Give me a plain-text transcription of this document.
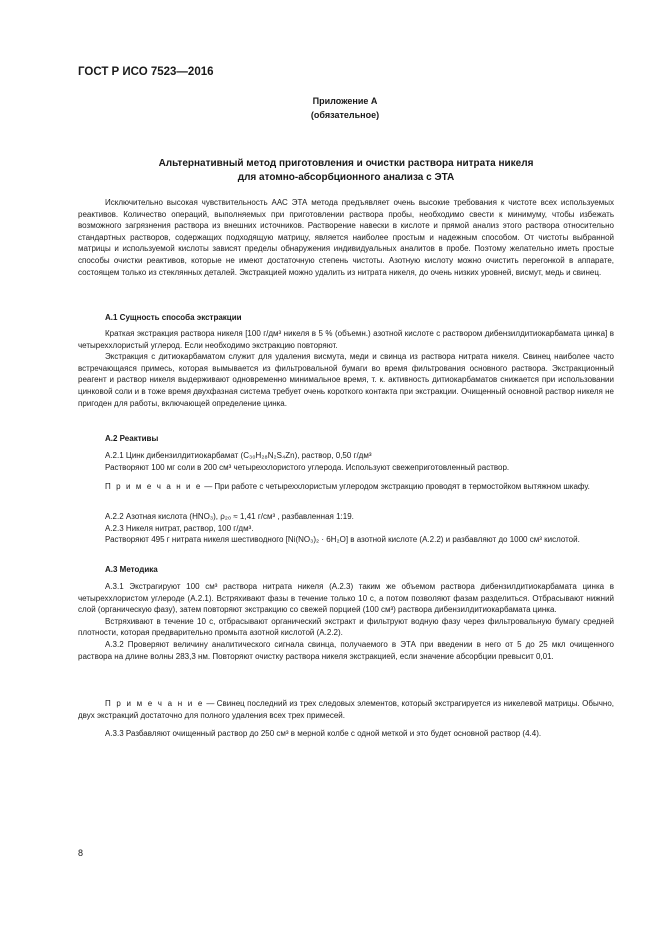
ГОСТ Р ИСО 7523—2016
Приложение А
(обязательное)
Альтернативный метод приготовления и очистки раствора нитрата никеля
для атомно-абсорбционного анализа с ЭТА

Исключительно высокая чувствительность ААС ЭТА метода предъявляет очень высокие требования к чистоте всех используемых реактивов. Количество операций, выполняемых при приготовлении раствора пробы, необходимо свести к минимуму, чтобы избежать возможного загрязнения раствора из внешних источников. Растворение навески в кислоте и прямой анализ этого раствора относительно стандартных растворов, содержащих подходящую матрицу, является наиболее простым и надежным способом. От чистоты выбранной матрицы и используемой кислоты зависят пределы обнаружения индивидуальных аналитов в пробе. Поэтому желательно иметь простые способы очистки реактивов, которые не имеют достаточную степень чистоты. Азотную кислоту можно очистить перегонкой в аппарате, состоящем только из стеклянных деталей. Экстракцией можно удалить из нитрата никеля, до очень низких уровней, висмут, медь и свинец.

А.1 Сущность способа экстракции

Краткая экстракция раствора никеля [100 г/дм³ никеля в 5 % (объемн.) азотной кислоте с раствором дибензилдитиокарбамата цинка] в четыреххлористый углерод. Если необходимо экстракцию повторяют.

Экстракция с дитиокарбаматом служит для удаления висмута, меди и свинца из раствора нитрата никеля. Свинец наиболее часто встречающаяся примесь, которая вымывается из фильтровальной бумаги во время фильтрования основного раствора. Экстракционный реагент и раствор никеля выдерживают одновременно минимальное время, т. к. активность дитиокарбаматов снижается при использовании цинковой соли и в тоже время двухфазная система требует очень короткого контакта при экстракции. Очищенный основной раствор никеля не пригоден для работы, включающей определение цинка.

А.2 Реактивы

А.2.1 Цинк дибензилдитиокарбамат (C₃₀H₂₈N₂S₄Zn), раствор, 0,50 г/дм³

Растворяют 100 мг соли в 200 см³ четыреххлористого углерода. Используют свежеприготовленный раствор.

П р и м е ч а н и е — При работе с четыреххлористым углеродом экстракцию проводят в термостойком вытяжном шкафу.

А.2.2 Азотная кислота (HNO₃), ρ₂₀ ≈ 1,41 г/см³ , разбавленная 1:19.

А.2.3 Никеля нитрат, раствор, 100 г/дм³.

Растворяют 495 г нитрата никеля шестиводного [Ni(NO₃)₂ · 6H₂O] в азотной кислоте (А.2.2) и разбавляют до 1000 см³ кислотой.

А.3 Методика

А.3.1 Экстрагируют 100 см³ раствора нитрата никеля (А.2.3) таким же объемом раствора дибензилдитиокарбамата цинка в четыреххлористом углероде (А.2.1). Встряхивают фазы в течение только 10 с, а потом позволяют фазам разделиться. Отбрасывают нижний слой (органическую фазу), затем повторяют экстракцию со свежей порцией (100 см³) раствора дибензилдитиокарбамата цинка.

Встряхивают в течение 10 с, отбрасывают органический экстракт и фильтруют водную фазу через фильтровальную бумагу средней плотности, которая предварительно промыта азотной кислотой (А.2.2).

А.3.2 Проверяют величину аналитического сигнала свинца, получаемого в ЭТА при введении в него от 5 до 25 мкл очищенного раствора на длине волны 283,3 нм. Повторяют очистку раствора никеля экстракцией, если значение абсорбции превысит 0,01.

П р и м е ч а н и е — Свинец последний из трех следовых элементов, который экстрагируется из никелевой матрицы. Обычно, двух экстракций достаточно для полного удаления всех трех примесей.

А.3.3 Разбавляют очищенный раствор до 250 см³ в мерной колбе с одной меткой и это будет основной раствор (4.4).

8
